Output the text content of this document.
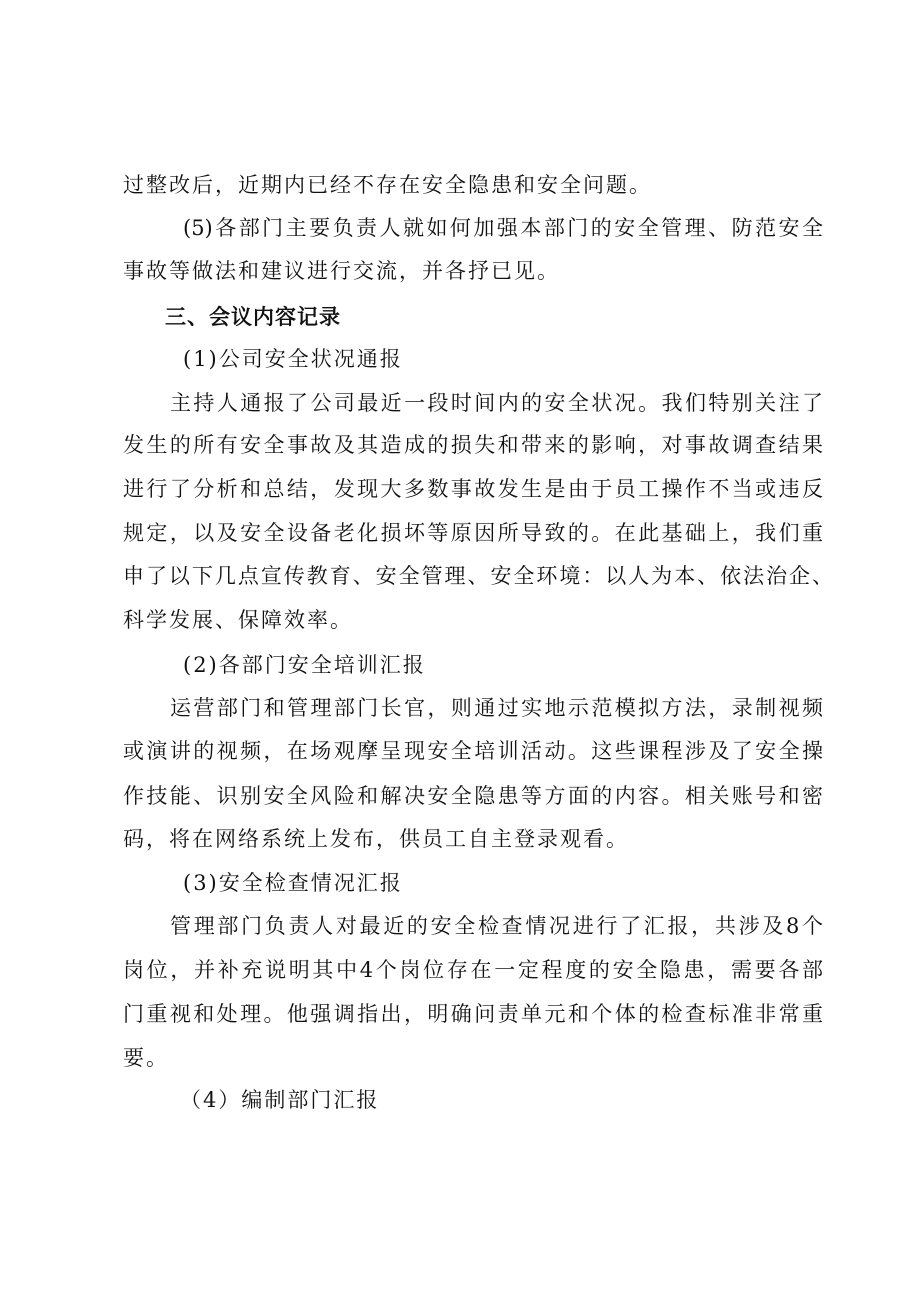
过整改后，近期内已经不存在安全隐患和安全问题。
(5)各部门主要负责人就如何加强本部门的安全管理、防范安全
事故等做法和建议进行交流，并各抒已见。
三、会议内容记录
(1)公司安全状况通报
主持人通报了公司最近一段时间内的安全状况。我们特别关注了
发生的所有安全事故及其造成的损失和带来的影响，对事故调查结果
进行了分析和总结，发现大多数事故发生是由于员工操作不当或违反
规定，以及安全设备老化损坏等原因所导致的。在此基础上，我们重
申了以下几点宣传教育、安全管理、安全环境：以人为本、依法治企、
科学发展、保障效率。
(2)各部门安全培训汇报
运营部门和管理部门长官，则通过实地示范模拟方法，录制视频
或演讲的视频，在场观摩呈现安全培训活动。这些课程涉及了安全操
作技能、识别安全风险和解决安全隐患等方面的内容。相关账号和密
码，将在网络系统上发布，供员工自主登录观看。
(3)安全检查情况汇报
管理部门负责人对最近的安全检查情况进行了汇报，共涉及8个
岗位，并补充说明其中4个岗位存在一定程度的安全隐患，需要各部
门重视和处理。他强调指出，明确问责单元和个体的检查标准非常重
要。
（4）编制部门汇报
